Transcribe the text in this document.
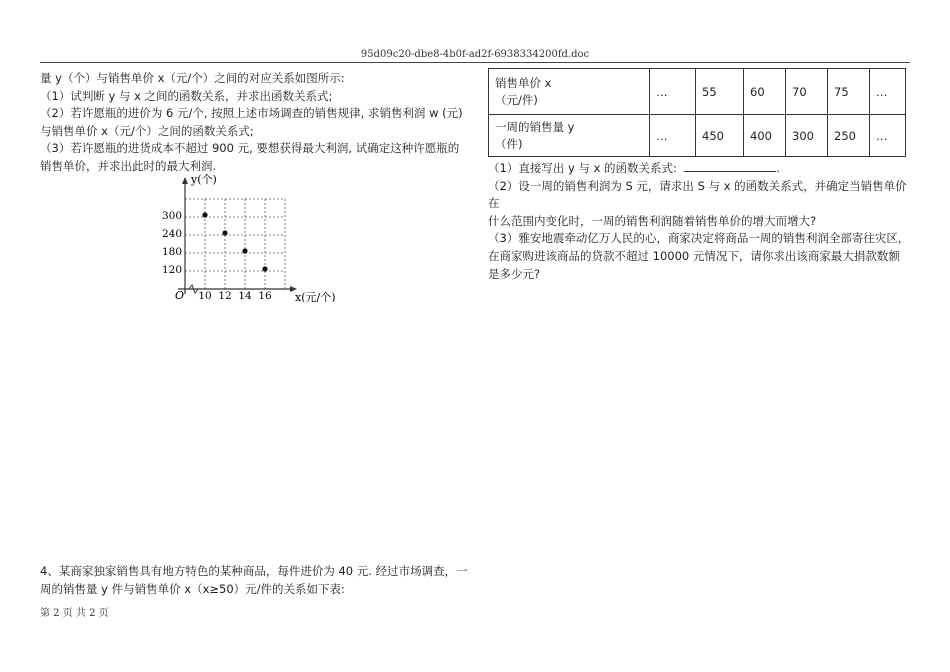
95d09c20-dbe8-4b0f-ad2f-6938334200fd.doc

量 y（个）与销售单价 x（元/个）之间的对应关系如图所示:

（1）试判断 y 与 x 之间的函数关系，并求出函数关系式;

（2）若许愿瓶的进价为 6 元/个, 按照上述市场调查的销售规律, 求销售利润 w (元)

与销售单价 x（元/个）之间的函数关系式;

（3）若许愿瓶的进货成本不超过 900 元, 要想获得最大利润, 试确定这种许愿瓶的

销售单价，并求出此时的最大利润.

y(个)
x(元/个)
O 10 12 14 16
300
240
180
120
销售单价 x
（元/件)	…	55	60	70	75	…

一周的销售量 y
（件)	…	450	400	300	250	…

（1）直接写出 y 与 x 的函数关系式:	.

（2）设一周的销售利润为 S 元，请求出 S 与 x 的函数关系式，并确定当销售单价在

什么范围内变化时，一周的销售利润随着销售单价的增大而增大?

（3）雅安地震牵动亿万人民的心，商家决定将商品一周的销售利润全部寄往灾区，

在商家购进该商品的贷款不超过 10000 元情况下，请你求出该商家最大捐款数额

是多少元?

4、某商家独家销售具有地方特色的某种商品，每件进价为 40 元. 经过市场调查，一

周的销售量 y 件与销售单价 x（x≥50）元/件的关系如下表:

第 2 页 共 2 页
